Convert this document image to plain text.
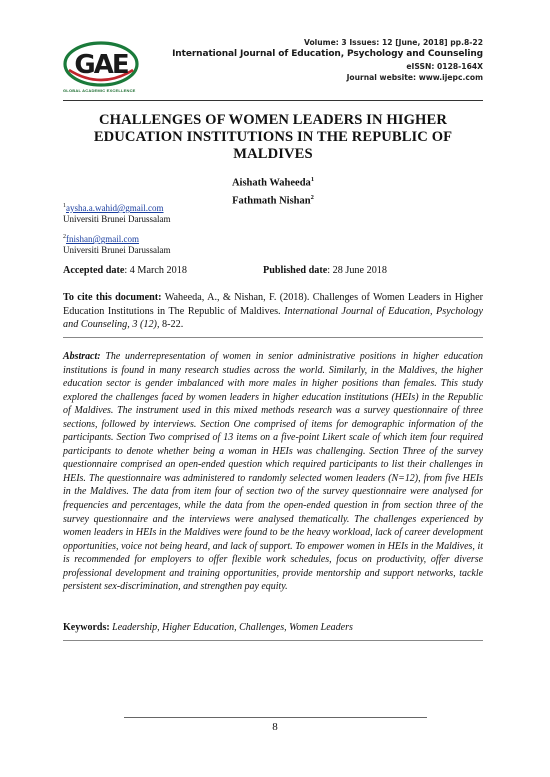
GAE
GLOBAL ACADEMIC EXCELLENCE
Volume: 3 Issues: 12 [June, 2018] pp.8-22
International Journal of Education, Psychology and Counseling
eISSN: 0128-164X
Journal website: www.ijepc.com
CHALLENGES OF WOMEN LEADERS IN HIGHER
EDUCATION INSTITUTIONS IN THE REPUBLIC OF
MALDIVES
Aishath Waheeda$^1$
Fathmath Nishan$^2$
$^1$aysha.a.wahid@gmail.com
Universiti Brunei Darussalam
$^2$fnishan@gmail.com
Universiti Brunei Darussalam
Accepted date: 4 March 2018	Published date: 28 June 2018
To cite this document: Waheeda, A., & Nishan, F. (2018). Challenges of Women Leaders in Higher Education Institutions in The Republic of Maldives. International Journal of Education, Psychology and Counseling, 3 (12), 8-22.
Abstract: The underrepresentation of women in senior administrative positions in higher education institutions is found in many research studies across the world. Similarly, in the Maldives, the higher education sector is gender imbalanced with more males in higher positions than females. This study explored the challenges faced by women leaders in higher education institutions (HEIs) in the Republic of Maldives. The instrument used in this mixed methods research was a survey questionnaire of three sections, followed by interviews. Section One comprised of items for demographic information of the participants. Section Two comprised of 13 items on a five-point Likert scale of which item four required participants to denote whether being a woman in HEIs was challenging. Section Three of the survey questionnaire comprised an open-ended question which required participants to list their challenges in HEIs. The questionnaire was administered to randomly selected women leaders (N=12), from five HEIs in the Maldives. The data from item four of section two of the survey questionnaire were analysed for frequencies and percentages, while the data from the open-ended question in from section three of the survey questionnaire and the interviews were analysed thematically. The challenges experienced by women leaders in HEIs in the Maldives were found to be the heavy workload, lack of career development opportunities, voice not being heard, and lack of support. To empower women in HEIs in the Maldives, it is recommended for employers to offer flexible work schedules, focus on productivity, offer diverse professional development and training opportunities, provide mentorship and support networks, tackle persistent sex-discrimination, and strengthen pay equity.
Keywords: Leadership, Higher Education, Challenges, Women Leaders
8
